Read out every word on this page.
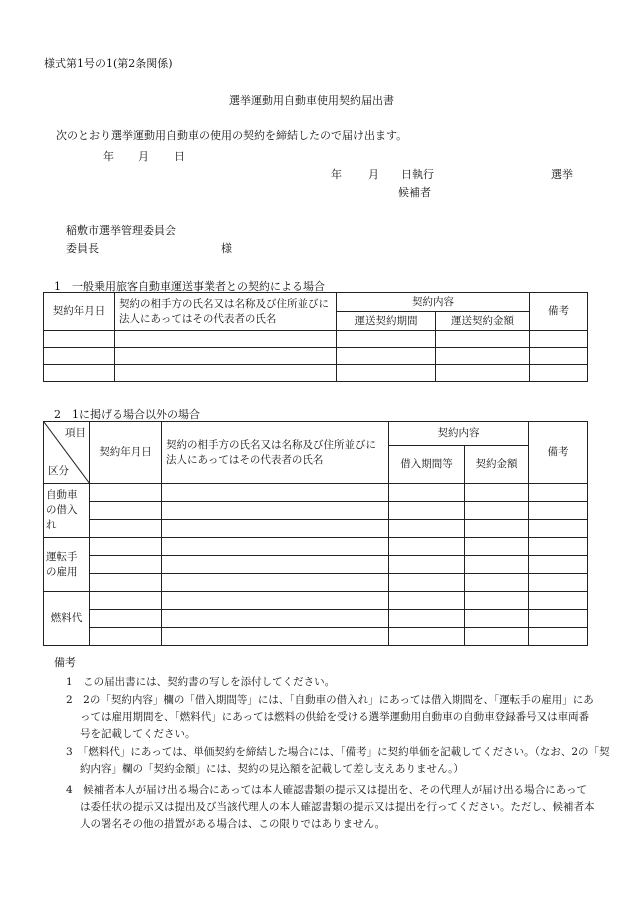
様式第1号の1(第2条関係)
選挙運動用自動車使用契約届出書
次のとおり選挙運動用自動車の使用の契約を締結したので届け出ます。
年 月 日
年 月 日執行	選挙
候補者
稲敷市選挙管理委員会
委員長	様
1　一般乗用旅客自動車運送事業者との契約による場合
契約年月日	契約の相手方の氏名又は名称及び住所並びに法人にあってはその代表者の氏名	契約内容		備考
		運送契約期間	運送契約金額	

2　1に掲げる場合以外の場合
項目
区分	契約年月日	契約の相手方の氏名又は名称及び住所並びに法人にあってはその代表者の氏名	契約内容		備考
			借入期間等	契約金額	
自動車の借入れ					

運転手の雇用					

燃料代					

備考
1　この届出書には、契約書の写しを添付してください。
2　2の「契約内容」欄の「借入期間等」には、「自動車の借入れ」にあっては借入期間を、「運転手の雇用」にあっては雇用期間を、「燃料代」にあっては燃料の供給を受ける選挙運動用自動車の自動車登録番号又は車両番号を記載してください。
3　「燃料代」にあっては、単価契約を締結した場合には、「備考」に契約単価を記載してください。（なお、2の「契約内容」欄の「契約金額」には、契約の見込額を記載して差し支えありません。）
4　候補者本人が届け出る場合にあっては本人確認書類の提示又は提出を、その代理人が届け出る場合にあっては委任状の提示又は提出及び当該代理人の本人確認書類の提示又は提出を行ってください。ただし、候補者本人の署名その他の措置がある場合は、この限りではありません。
